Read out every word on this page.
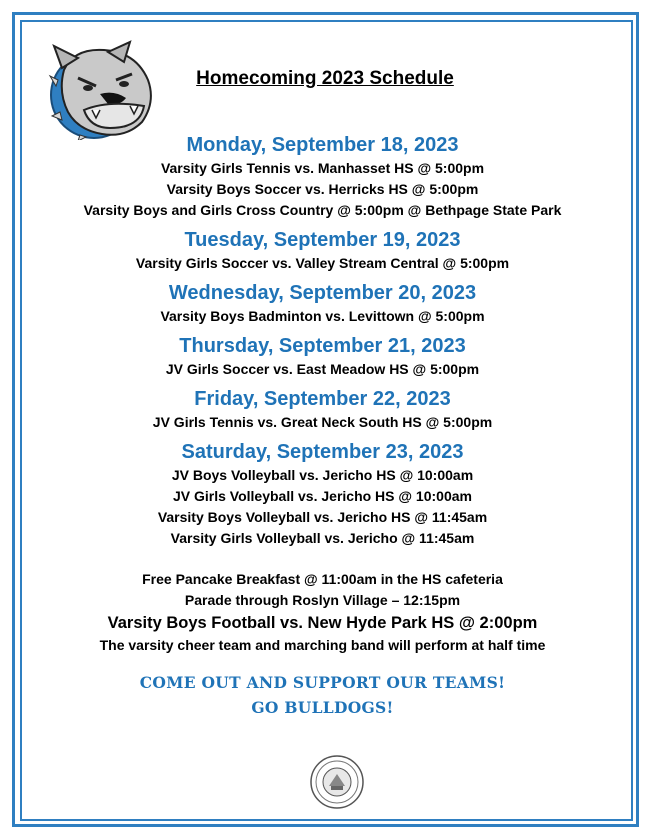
Homecoming 2023 Schedule

Monday, September 18, 2023

Varsity Girls Tennis vs. Manhasset HS @ 5:00pm

Varsity Boys Soccer vs. Herricks HS @ 5:00pm

Varsity Boys and Girls Cross Country @ 5:00pm @ Bethpage State Park

Tuesday, September 19, 2023

Varsity Girls Soccer vs. Valley Stream Central @ 5:00pm

Wednesday, September 20, 2023

Varsity Boys Badminton vs. Levittown @ 5:00pm

Thursday, September 21, 2023

JV Girls Soccer vs. East Meadow HS @ 5:00pm

Friday, September 22, 2023

JV Girls Tennis vs. Great Neck South HS @ 5:00pm

Saturday, September 23, 2023

JV Boys Volleyball vs. Jericho HS @ 10:00am

JV Girls Volleyball vs. Jericho HS @ 10:00am

Varsity Boys Volleyball vs. Jericho HS @ 11:45am

Varsity Girls Volleyball vs. Jericho @ 11:45am

Free Pancake Breakfast @ 11:00am in the HS cafeteria

Parade through Roslyn Village – 12:15pm

Varsity Boys Football vs. New Hyde Park HS @ 2:00pm

The varsity cheer team and marching band will perform at half time

COME OUT AND SUPPORT OUR TEAMS!
GO BULLDOGS!
